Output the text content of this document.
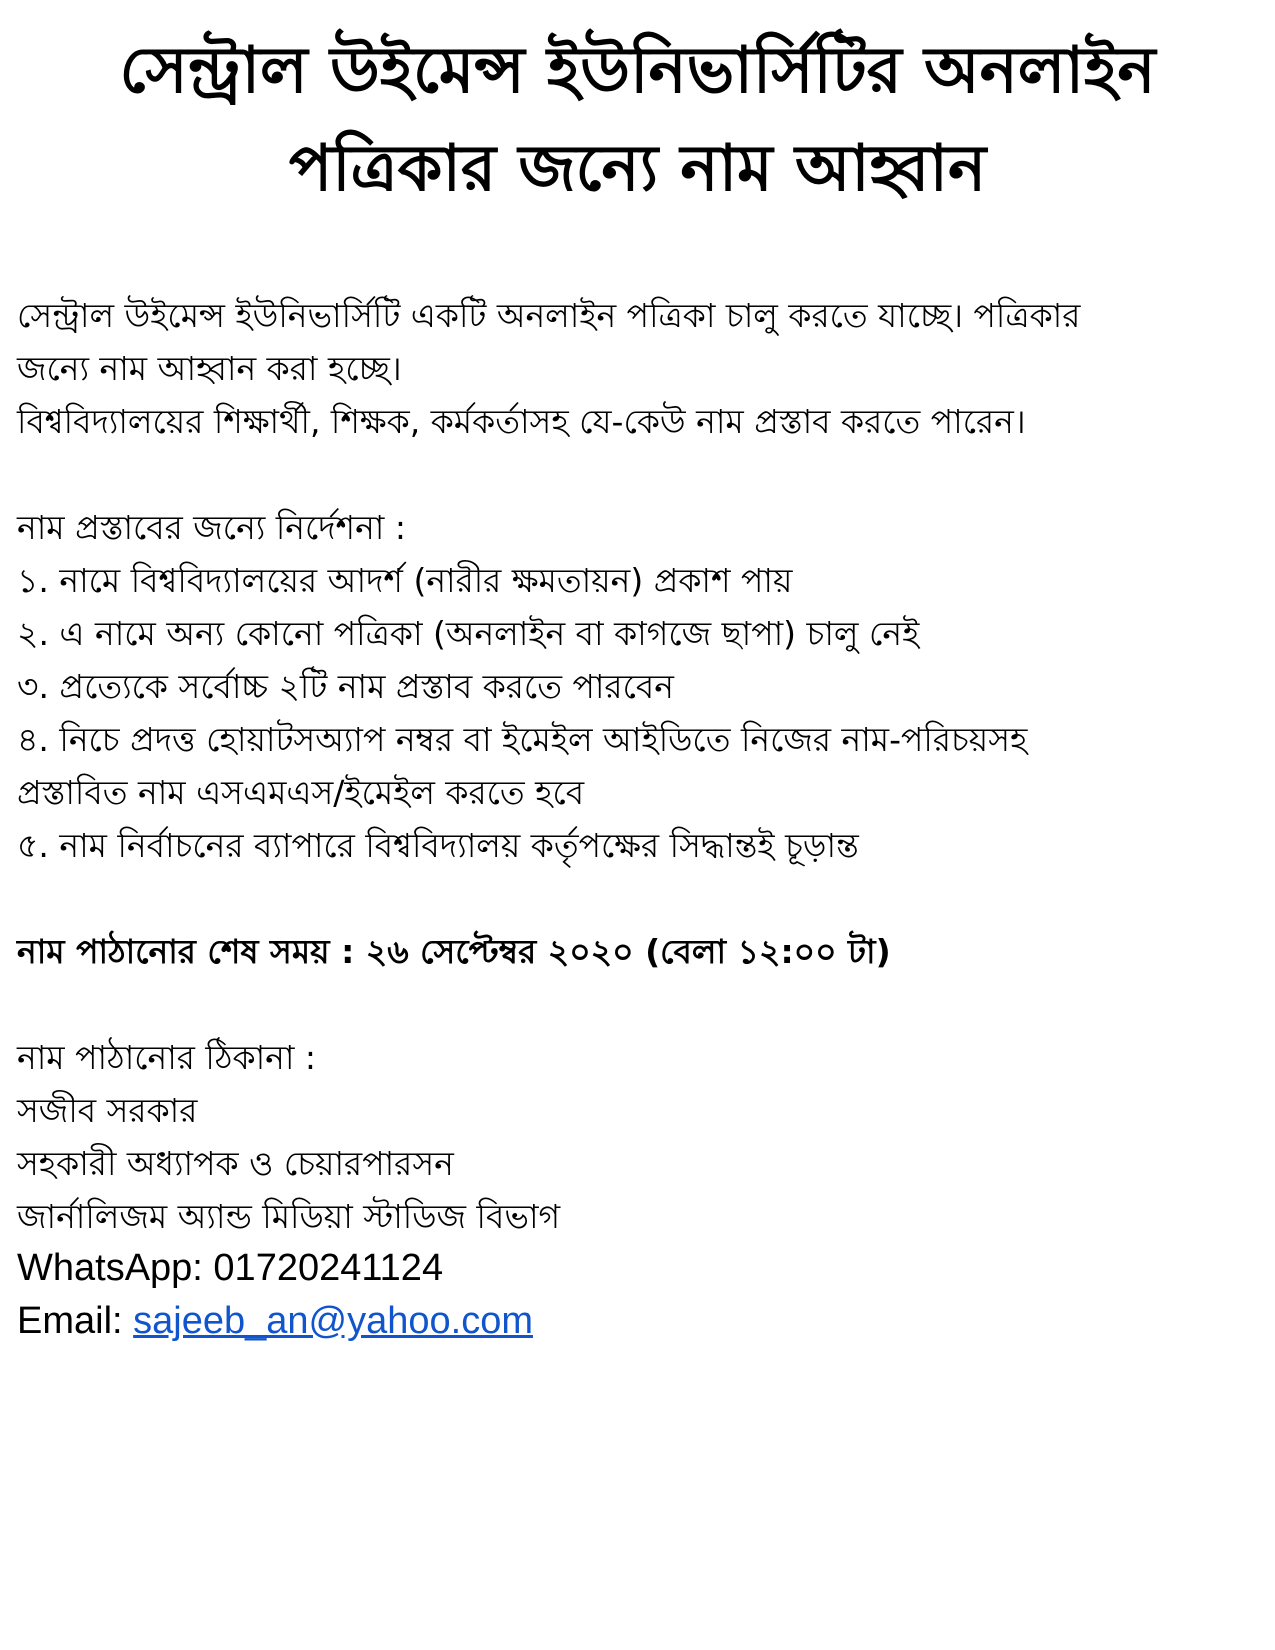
সেন্ট্রাল উইমেন্স ইউনিভার্সিটির অনলাইন
পত্রিকার জন্যে নাম আহ্বান
সেন্ট্রাল উইমেন্স ইউনিভার্সিটি একটি অনলাইন পত্রিকা চালু করতে যাচ্ছে। পত্রিকার
জন্যে নাম আহ্বান করা হচ্ছে।
বিশ্ববিদ্যালয়ের শিক্ষার্থী, শিক্ষক, কর্মকর্তাসহ যে-কেউ নাম প্রস্তাব করতে পারেন।
নাম প্রস্তাবের জন্যে নির্দেশনা :
১. নামে বিশ্ববিদ্যালয়ের আদর্শ (নারীর ক্ষমতায়ন) প্রকাশ পায়
২. এ নামে অন্য কোনো পত্রিকা (অনলাইন বা কাগজে ছাপা) চালু নেই
৩. প্রত্যেকে সর্বোচ্চ ২টি নাম প্রস্তাব করতে পারবেন
৪. নিচে প্রদত্ত হোয়াটসঅ্যাপ নম্বর বা ইমেইল আইডিতে নিজের নাম-পরিচয়সহ
প্রস্তাবিত নাম এসএমএস/ইমেইল করতে হবে
৫. নাম নির্বাচনের ব্যাপারে বিশ্ববিদ্যালয় কর্তৃপক্ষের সিদ্ধান্তই চূড়ান্ত
নাম পাঠানোর শেষ সময় : ২৬ সেপ্টেম্বর ২০২০ (বেলা ১২:০০ টা)
নাম পাঠানোর ঠিকানা :
সজীব সরকার
সহকারী অধ্যাপক ও চেয়ারপারসন
জার্নালিজম অ্যান্ড মিডিয়া স্টাডিজ বিভাগ
WhatsApp: 01720241124
Email: sajeeb_an@yahoo.com
